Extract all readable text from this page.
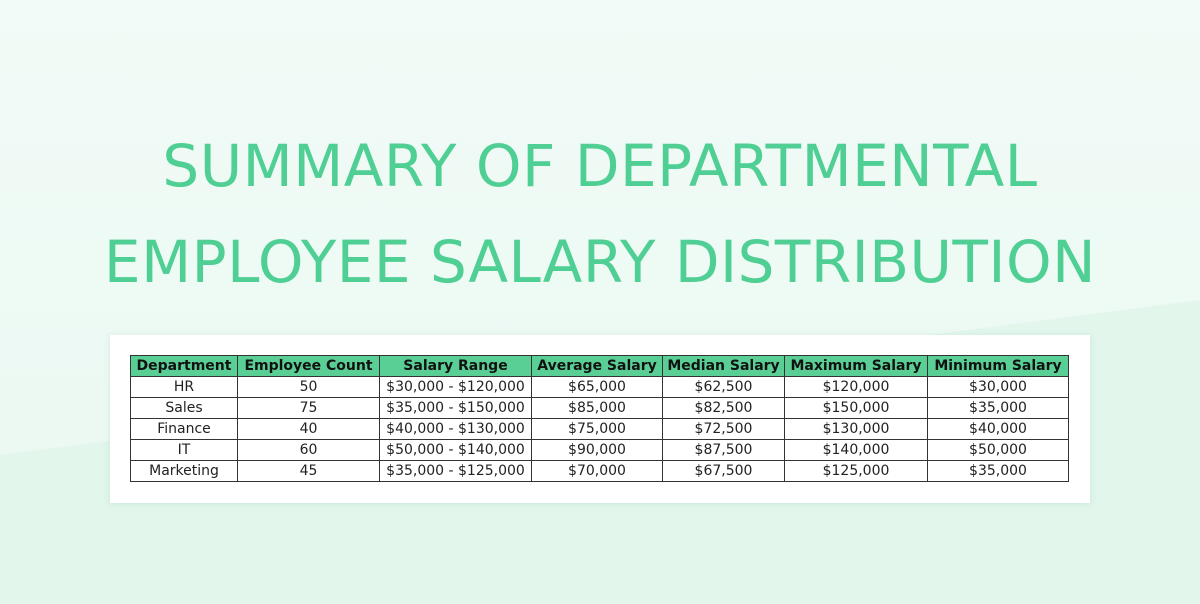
SUMMARY OF DEPARTMENTAL
EMPLOYEE SALARY DISTRIBUTION
Department	Employee Count	Salary Range	Average Salary	Median Salary	Maximum Salary	Minimum Salary
HR	50	$30,000 - $120,000	$65,000	$62,500	$120,000	$30,000
Sales	75	$35,000 - $150,000	$85,000	$82,500	$150,000	$35,000
Finance	40	$40,000 - $130,000	$75,000	$72,500	$130,000	$40,000
IT	60	$50,000 - $140,000	$90,000	$87,500	$140,000	$50,000
Marketing	45	$35,000 - $125,000	$70,000	$67,500	$125,000	$35,000
